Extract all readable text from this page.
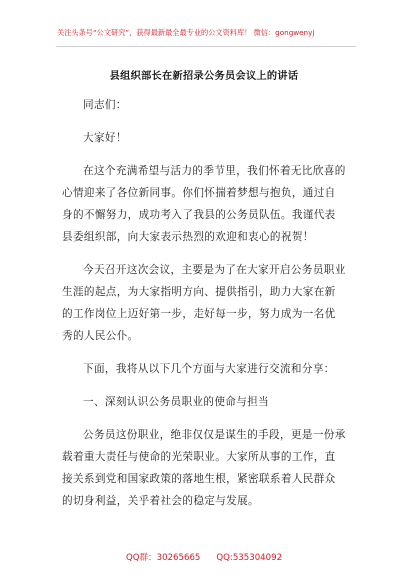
关注头条号“公文研究”，获得最新最全最专业的公文资料库！ 微信：gongwenyj
县组织部长在新招录公务员会议上的讲话
同志们：
大家好！
在这个充满希望与活力的季节里，我们怀着无比欣喜的
心情迎来了各位新同事。你们怀揣着梦想与抱负，通过自
身的不懈努力，成功考入了我县的公务员队伍。我谨代表
县委组织部，向大家表示热烈的欢迎和衷心的祝贺！
今天召开这次会议，主要是为了在大家开启公务员职业
生涯的起点，为大家指明方向、提供指引，助力大家在新
的工作岗位上迈好第一步，走好每一步，努力成为一名优
秀的人民公仆。
下面，我将从以下几个方面与大家进行交流和分享：
一、深刻认识公务员职业的使命与担当
公务员这份职业，绝非仅仅是谋生的手段，更是一份承
载着重大责任与使命的光荣职业。大家所从事的工作，直
接关系到党和国家政策的落地生根，紧密联系着人民群众
的切身利益，关乎着社会的稳定与发展。
QQ群：30265665 QQ:535304092
